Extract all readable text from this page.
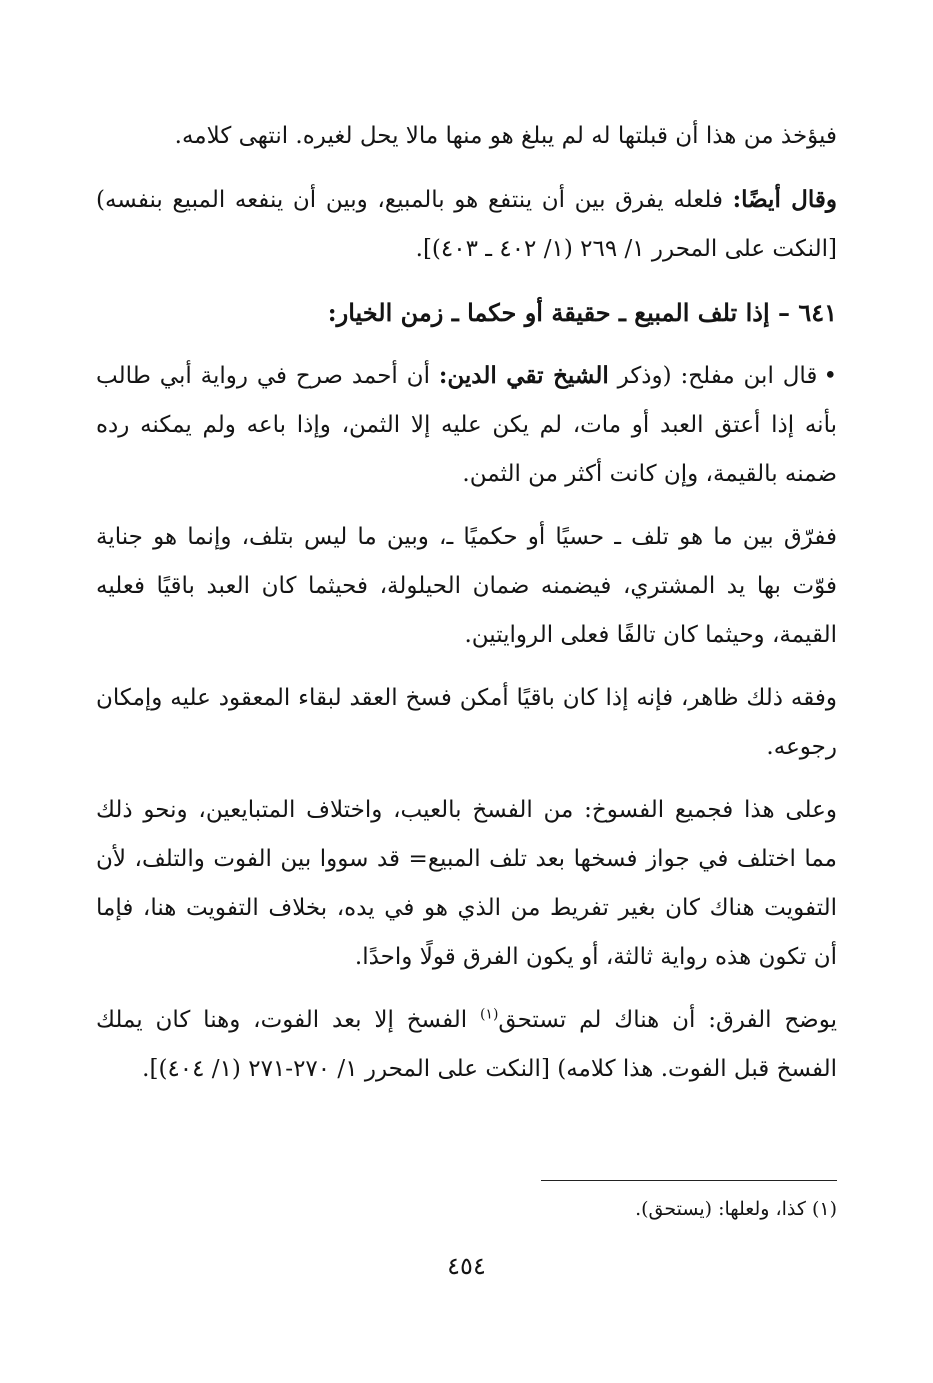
فيؤخذ من هذا أن قبلتها له لم يبلغ هو منها مالا يحل لغيره. انتهى كلامه.

وقال أيضًا: فلعله يفرق بين أن ينتفع هو بالمبيع، وبين أن ينفعه المبيع بنفسه) [النكت على المحرر ١/ ٢٦٩ (١/ ٤٠٢ ـ ٤٠٣)].

٦٤١ – إذا تلف المبيع ـ حقيقة أو حكما ـ زمن الخيار:

•قال ابن مفلح: (وذكر الشيخ تقي الدين: أن أحمد صرح في رواية أبي طالب بأنه إذا أعتق العبد أو مات، لم يكن عليه إلا الثمن، وإذا باعه ولم يمكنه رده ضمنه بالقيمة، وإن كانت أكثر من الثمن.

ففرّق بين ما هو تلف ـ حسيًا أو حكميًا ـ، وبين ما ليس بتلف، وإنما هو جناية فوّت بها يد المشتري، فيضمنه ضمان الحيلولة، فحيثما كان العبد باقيًا فعليه القيمة، وحيثما كان تالفًا فعلى الروايتين.

وفقه ذلك ظاهر، فإنه إذا كان باقيًا أمكن فسخ العقد لبقاء المعقود عليه وإمكان رجوعه.

وعلى هذا فجميع الفسوخ: من الفسخ بالعيب، واختلاف المتبايعين، ونحو ذلك مما اختلف في جواز فسخها بعد تلف المبيع= قد سووا بين الفوت والتلف، لأن التفويت هناك كان بغير تفريط من الذي هو في يده، بخلاف التفويت هنا، فإما أن تكون هذه رواية ثالثة، أو يكون الفرق قولًا واحدًا.

يوضح الفرق: أن هناك لم تستحق$^{(١)}$ الفسخ إلا بعد الفوت، وهنا كان يملك الفسخ قبل الفوت. هذا كلامه) [النكت على المحرر ١/ ٢٧٠-٢٧١ (١/ ٤٠٤)].

(١) كذا، ولعلها: (يستحق).
٤٥٤
